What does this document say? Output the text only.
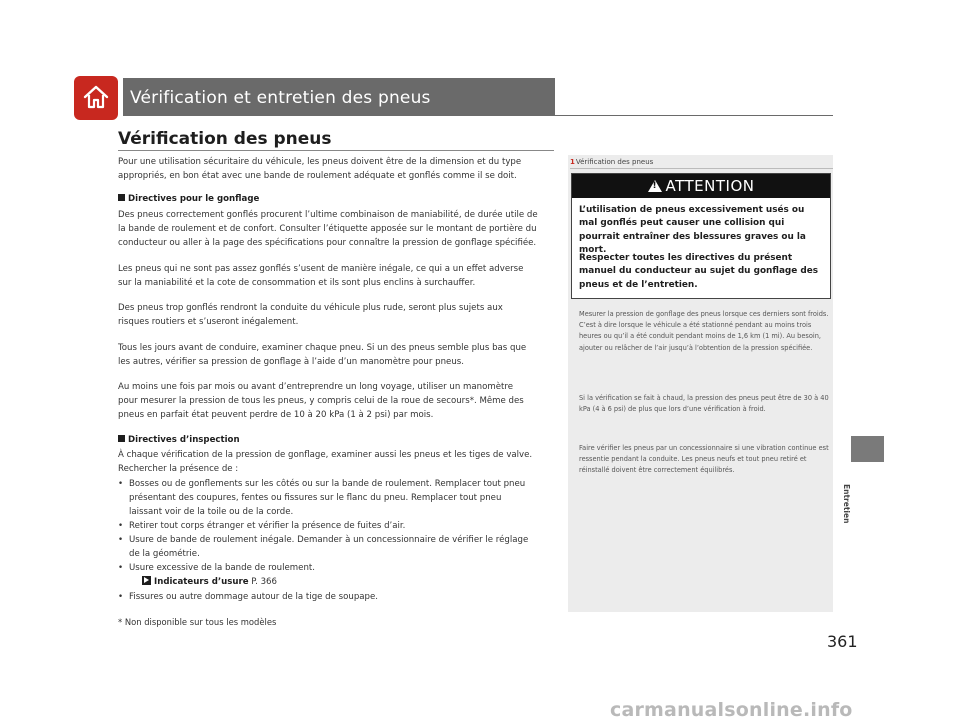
Vérification et entretien des pneus
Vérification des pneus
Pour une utilisation sécuritaire du véhicule, les pneus doivent être de la dimension et du type
appropriés, en bon état avec une bande de roulement adéquate et gonflés comme il se doit.
Directives pour le gonflage
Des pneus correctement gonflés procurent l’ultime combinaison de maniabilité, de durée utile de
la bande de roulement et de confort. Consulter l’étiquette apposée sur le montant de portière du
conducteur ou aller à la page des spécifications pour connaître la pression de gonflage spécifiée.
Les pneus qui ne sont pas assez gonflés s’usent de manière inégale, ce qui a un effet adverse
sur la maniabilité et la cote de consommation et ils sont plus enclins à surchauffer.
Des pneus trop gonflés rendront la conduite du véhicule plus rude, seront plus sujets aux
risques routiers et s’useront inégalement.
Tous les jours avant de conduire, examiner chaque pneu. Si un des pneus semble plus bas que
les autres, vérifier sa pression de gonflage à l’aide d’un manomètre pour pneus.
Au moins une fois par mois ou avant d’entreprendre un long voyage, utiliser un manomètre
pour mesurer la pression de tous les pneus, y compris celui de la roue de secours*. Même des
pneus en parfait état peuvent perdre de 10 à 20 kPa (1 à 2 psi) par mois.
Directives d’inspection
À chaque vérification de la pression de gonflage, examiner aussi les pneus et les tiges de valve.
Rechercher la présence de :
• Bosses ou de gonflements sur les côtés ou sur la bande de roulement. Remplacer tout pneu
présentant des coupures, fentes ou fissures sur le flanc du pneu. Remplacer tout pneu
laissant voir de la toile ou de la corde.
• Retirer tout corps étranger et vérifier la présence de fuites d’air.
• Usure de bande de roulement inégale. Demander à un concessionnaire de vérifier le réglage
de la géométrie.
• Usure excessive de la bande de roulement.
Indicateurs d’usure P. 366
• Fissures ou autre dommage autour de la tige de soupape.
1Vérification des pneus
!ATTENTION
L’utilisation de pneus excessivement usés ou mal gonflés peut causer une collision qui pourrait entraîner des blessures graves ou la mort.
Respecter toutes les directives du présent manuel du conducteur au sujet du gonflage des pneus et de l’entretien.
Mesurer la pression de gonflage des pneus lorsque ces derniers sont froids. C’est à dire lorsque le véhicule a été stationné pendant au moins trois heures ou qu’il a été conduit pendant moins de 1,6 km (1 mi). Au besoin, ajouter ou relâcher de l’air jusqu’à l’obtention de la pression spécifiée.
Si la vérification se fait à chaud, la pression des pneus peut être de 30 à 40 kPa (4 à 6 psi) de plus que lors d’une vérification à froid.
Faire vérifier les pneus par un concessionnaire si une vibration continue est ressentie pendant la conduite. Les pneus neufs et tout pneu retiré et réinstallé doivent être correctement équilibrés.
Entretien
* Non disponible sur tous les modèles
361
carmanualsonline.info
